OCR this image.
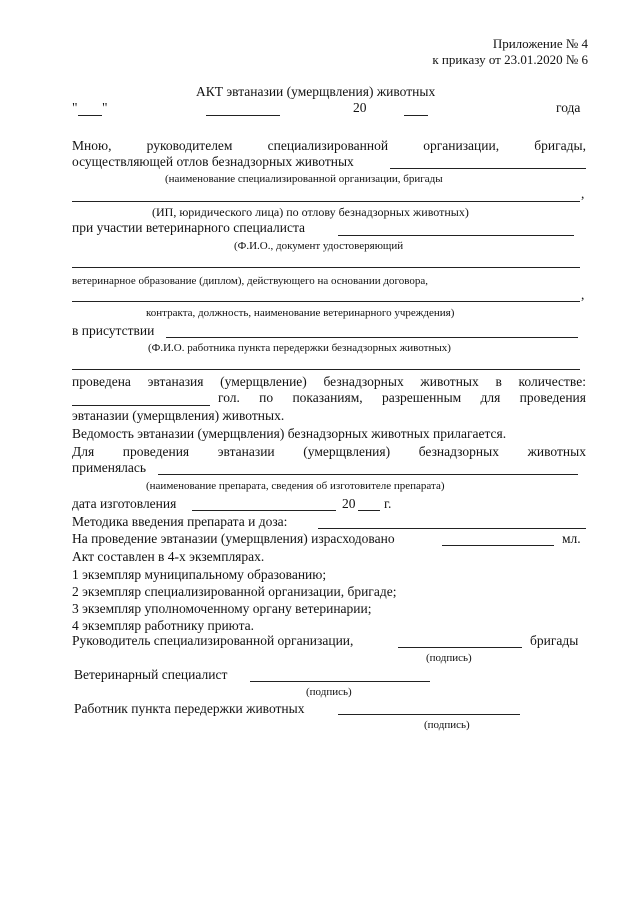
Приложение № 4
к приказу от 23.01.2020 № 6
АКТ эвтаназии (умерщвления) животных
" "	20	года
Мною,	руководителем	специализированной	организации,	бригады,
осуществляющей отлов безнадзорных животных
(наименование специализированной организации, бригады
,
(ИП, юридического лица) по отлову безнадзорных животных)
при участии ветеринарного специалиста
(Ф.И.О., документ удостоверяющий
ветеринарное образование (диплом), действующего на основании договора,
,
контракта, должность, наименование ветеринарного учреждения)
в присутствии
(Ф.И.О. работника пункта передержки безнадзорных животных)
проведена эвтаназия (умерщвление) безнадзорных животных в количестве:
гол. по показаниям, разрешенным для проведения
эвтаназии (умерщвления) животных.
Ведомость эвтаназии (умерщвления) безнадзорных животных прилагается.
Для проведения эвтаназии (умерщвления) безнадзорных животных
применялась
(наименование препарата, сведения об изготовителе препарата)
дата изготовления	20 г.
Методика введения препарата и доза:
На проведение эвтаназии (умерщвления) израсходовано	мл.
Акт составлен в 4-х экземплярах.
1 экземпляр муниципальному образованию;
2 экземпляр специализированной организации, бригаде;
3 экземпляр уполномоченному органу ветеринарии;
4 экземпляр работнику приюта.
Руководитель специализированной организации,	бригады
(подпись)
Ветеринарный специалист
(подпись)
Работник пункта передержки животных
(подпись)
